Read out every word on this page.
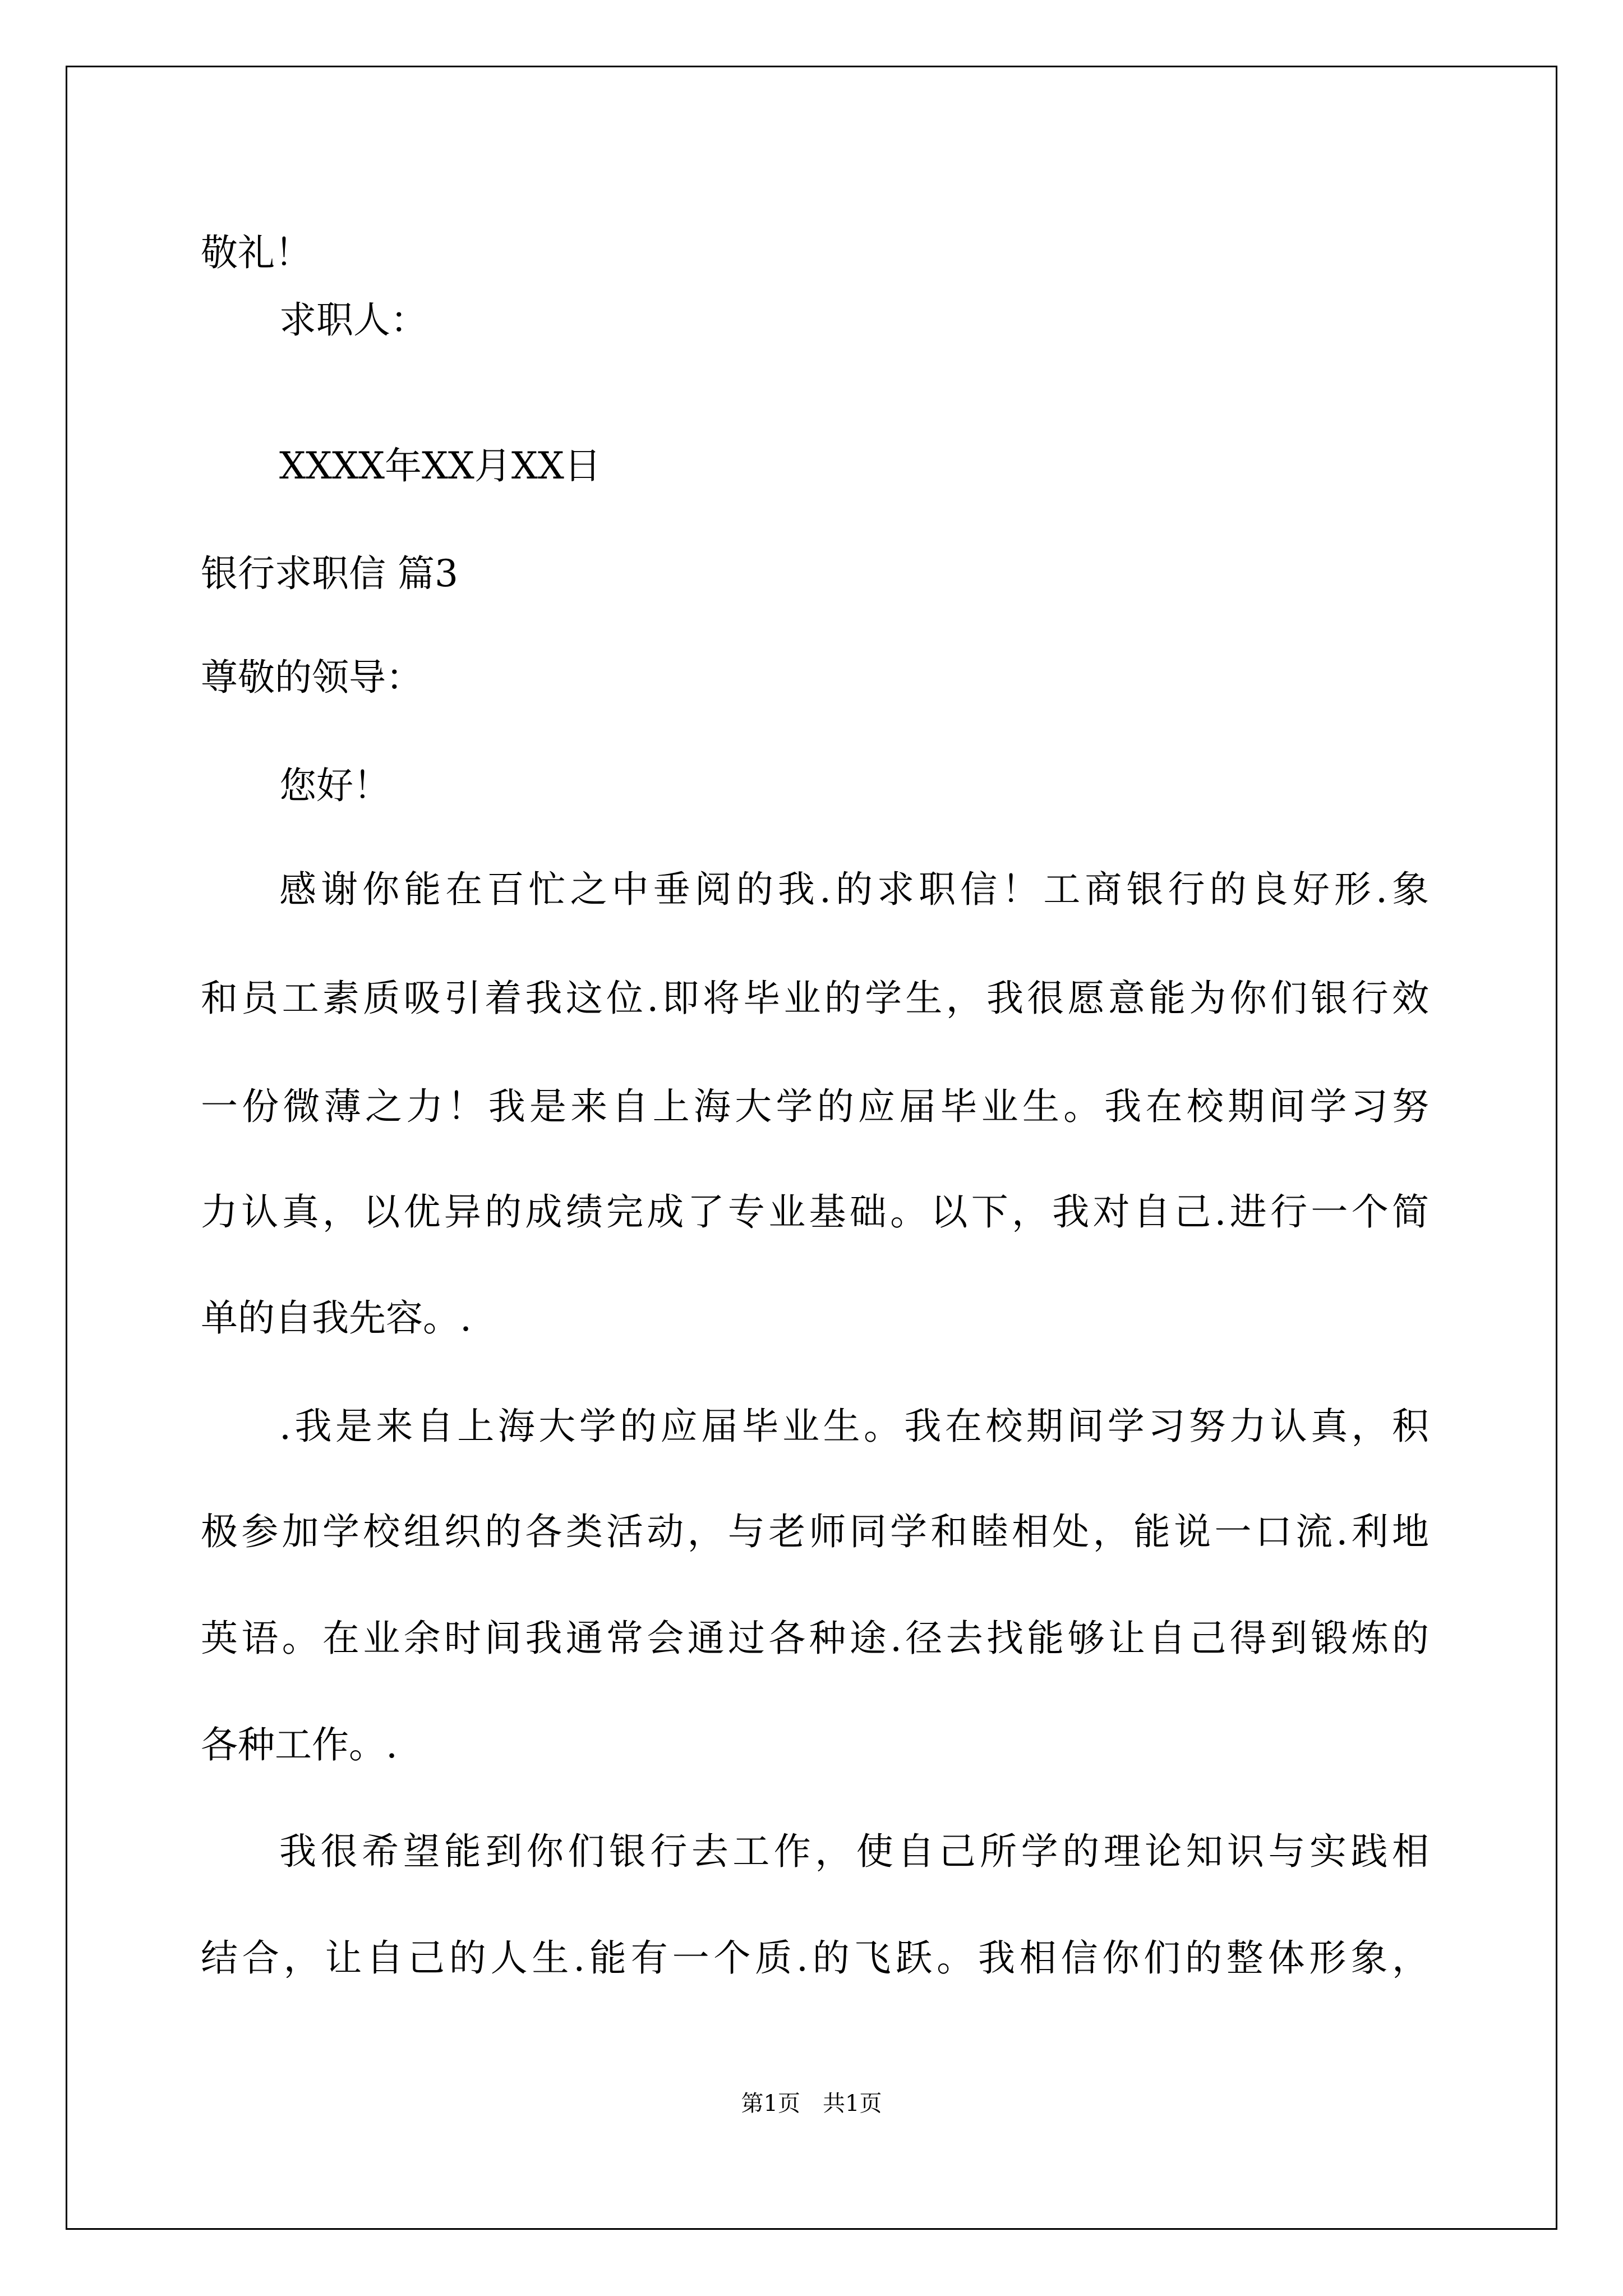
敬礼！
求职人：
XXXX年XX月XX日
银行求职信 篇3
尊敬的领导：
您好！
感谢你能在百忙之中垂阅的我.的求职信！工商银行的良好形.象
和员工素质吸引着我这位.即将毕业的学生，我很愿意能为你们银行效
一份微薄之力！我是来自上海大学的应届毕业生。我在校期间学习努
力认真，以优异的成绩完成了专业基础。以下，我对自己.进行一个简
单的自我先容。.
.我是来自上海大学的应届毕业生。我在校期间学习努力认真，积
极参加学校组织的各类活动，与老师同学和睦相处，能说一口流.利地
英语。在业余时间我通常会通过各种途.径去找能够让自己得到锻炼的
各种工作。.
我很希望能到你们银行去工作，使自己所学的理论知识与实践相
结合，让自己的人生.能有一个质.的飞跃。我相信你们的整体形象，
第1页　共1页
